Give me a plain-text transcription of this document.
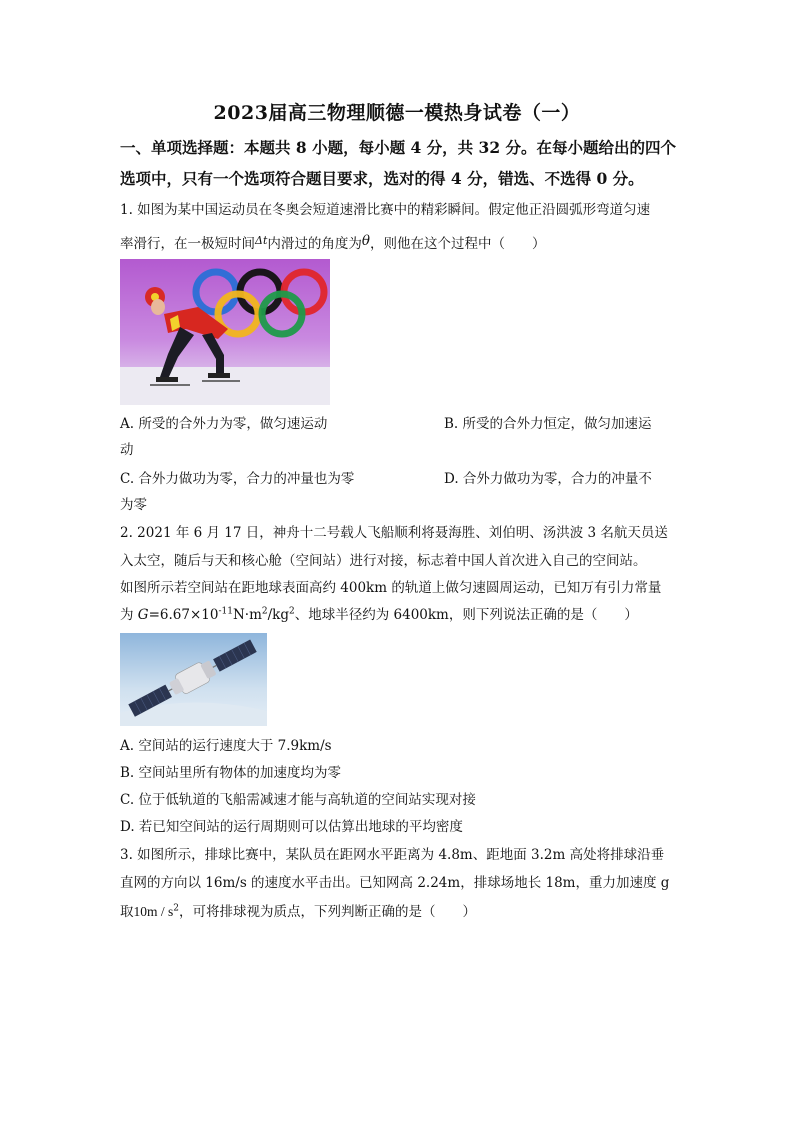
2023届高三物理顺德一模热身试卷（一）
一、单项选择题：本题共 8 小题，每小题 4 分，共 32 分。在每小题给出的四个
选项中，只有一个选项符合题目要求，选对的得 4 分，错选、不选得 0 分。
1. 如图为某中国运动员在冬奥会短道速滑比赛中的精彩瞬间。假定他正沿圆弧形弯道匀速
率滑行，在一极短时间$^{\Delta t}$内滑过的角度为θ，则他在这个过程中（　　）
A. 所受的合外力为零，做匀速运动	B. 所受的合外力恒定，做匀加速运
动
C. 合外力做功为零，合力的冲量也为零	D. 合外力做功为零，合力的冲量不
为零
2. 2021 年 6 月 17 日，神舟十二号载人飞船顺利将聂海胜、刘伯明、汤洪波 3 名航天员送
入太空，随后与天和核心舱（空间站）进行对接，标志着中国人首次进入自己的空间站。
如图所示若空间站在距地球表面高约 400km 的轨道上做匀速圆周运动，已知万有引力常量
为 $G=6.67\times 10^{-11}N\cdot m^2/kg^2$、地球半径约为 6400km，则下列说法正确的是（　　）
A. 空间站的运行速度大于 7.9km/s
B. 空间站里所有物体的加速度均为零
C. 位于低轨道的飞船需减速才能与高轨道的空间站实现对接
D. 若已知空间站的运行周期则可以估算出地球的平均密度
3. 如图所示，排球比赛中，某队员在距网水平距离为 4.8m、距地面 3.2m 高处将排球沿垂
直网的方向以 16m/s 的速度水平击出。已知网高 2.24m，排球场地长 18m，重力加速度 g
取$10m / s^2$，可将排球视为质点，下列判断正确的是（　　）
